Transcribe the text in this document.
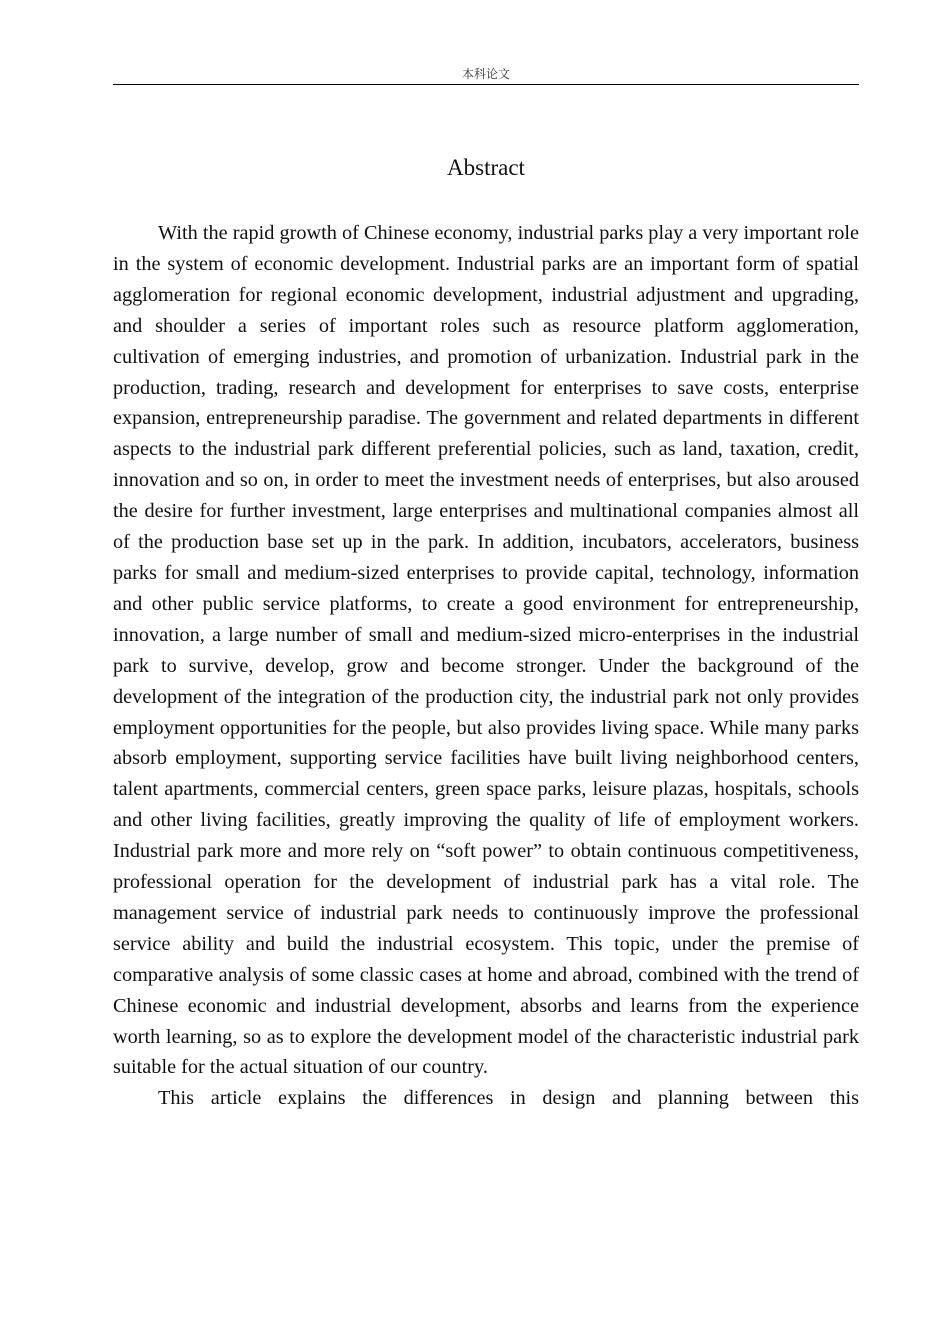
本科论文
Abstract

With the rapid growth of Chinese economy, industrial parks play a very important role in the system of economic development. Industrial parks are an important form of spatial agglomeration for regional economic development, industrial adjustment and upgrading, and shoulder a series of important roles such as resource platform agglomeration, cultivation of emerging industries, and promotion of urbanization. Industrial park in the production, trading, research and development for enterprises to save costs, enterprise expansion, entrepreneurship paradise. The government and related departments in different aspects to the industrial park different preferential policies, such as land, taxation, credit, innovation and so on, in order to meet the investment needs of enterprises, but also aroused the desire for further investment, large enterprises and multinational companies almost all of the production base set up in the park. In addition, incubators, accelerators, business parks for small and medium-sized enterprises to provide capital, technology, information and other public service platforms, to create a good environment for entrepreneurship, innovation, a large number of small and medium-sized micro-enterprises in the industrial park to survive, develop, grow and become stronger. Under the background of the development of the integration of the production city, the industrial park not only provides employment opportunities for the people, but also provides living space. While many parks absorb employment, supporting service facilities have built living neighborhood centers, talent apartments, commercial centers, green space parks, leisure plazas, hospitals, schools and other living facilities, greatly improving the quality of life of employment workers. Industrial park more and more rely on “soft power” to obtain continuous competitiveness, professional operation for the development of industrial park has a vital role. The management service of industrial park needs to continuously improve the professional service ability and build the industrial ecosystem. This topic, under the premise of comparative analysis of some classic cases at home and abroad, combined with the trend of Chinese economic and industrial development, absorbs and learns from the experience worth learning, so as to explore the development model of the characteristic industrial park suitable for the actual situation of our country.

This article explains the differences in design and planning between this
